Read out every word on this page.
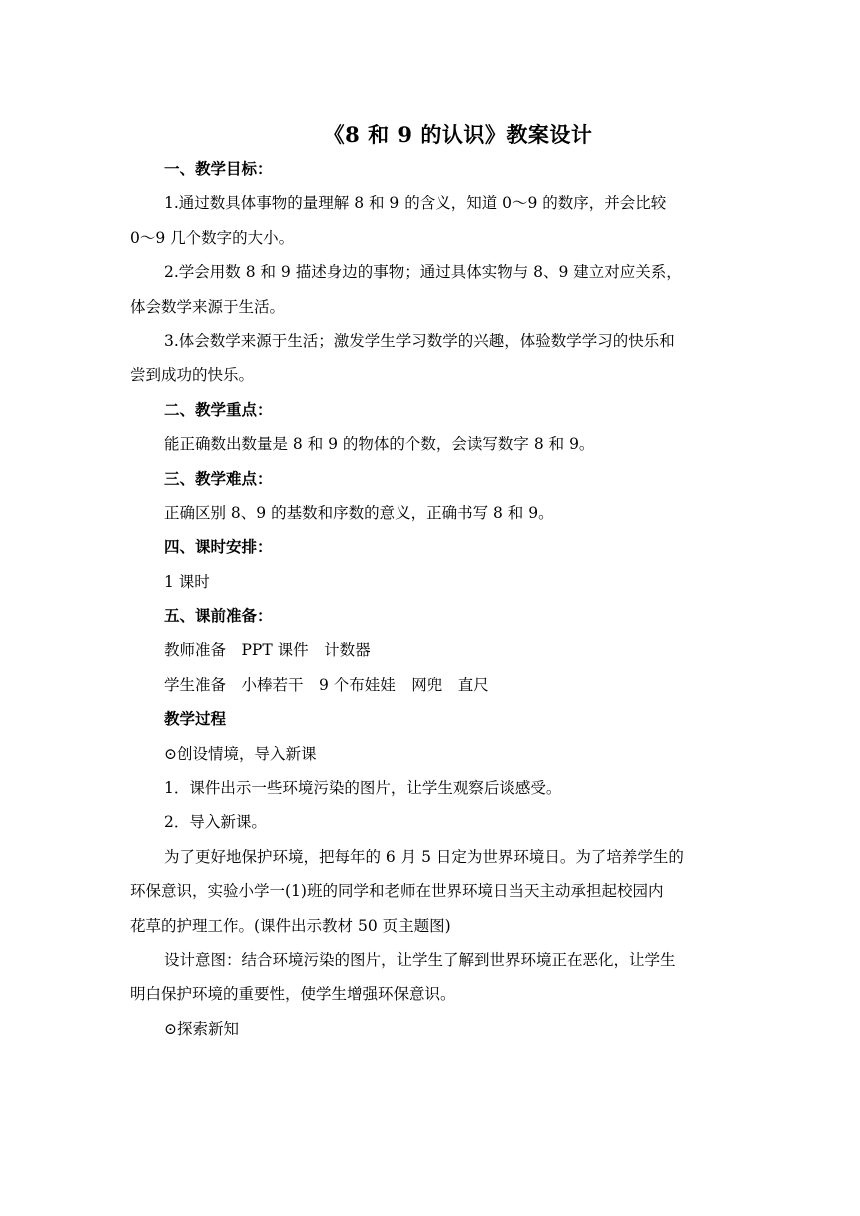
《8 和 9 的认识》教案设计
一、教学目标：
1.通过数具体事物的量理解 8 和 9 的含义，知道 0～9 的数序，并会比较
0～9 几个数字的大小。
2.学会用数 8 和 9 描述身边的事物；通过具体实物与 8、9 建立对应关系，
体会数学来源于生活。
3.体会数学来源于生活；激发学生学习数学的兴趣，体验数学学习的快乐和
尝到成功的快乐。
二、教学重点：
能正确数出数量是 8 和 9 的物体的个数，会读写数字 8 和 9。
三、教学难点：
正确区别 8、9 的基数和序数的意义，正确书写 8 和 9。
四、课时安排：
1 课时
五、课前准备：
教师准备　PPT 课件　计数器
学生准备　小棒若干　9 个布娃娃　网兜　直尺
教学过程
⊙创设情境，导入新课
1．课件出示一些环境污染的图片，让学生观察后谈感受。
2．导入新课。
为了更好地保护环境，把每年的 6 月 5 日定为世界环境日。为了培养学生的
环保意识，实验小学一(1)班的同学和老师在世界环境日当天主动承担起校园内
花草的护理工作。(课件出示教材 50 页主题图)
设计意图：结合环境污染的图片，让学生了解到世界环境正在恶化，让学生
明白保护环境的重要性，使学生增强环保意识。
⊙探索新知
